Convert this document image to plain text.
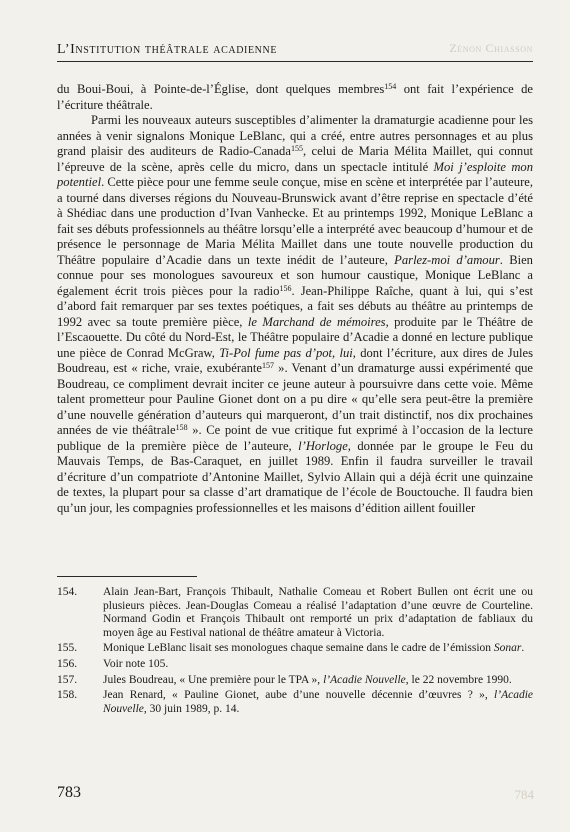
L’Institution théâtrale acadienne	Zénon Chiasson

du Boui-Boui, à Pointe-de-l’Église, dont quelques membres$^{154}$ ont fait l’expérience de l’écriture théâtrale.

Parmi les nouveaux auteurs susceptibles d’alimenter la dramaturgie acadienne pour les années à venir signalons Monique LeBlanc, qui a créé, entre autres personnages et au plus grand plaisir des auditeurs de Radio-Canada$^{155}$, celui de Maria Mélita Maillet, qui connut l’épreuve de la scène, après celle du micro, dans un spectacle intitulé Moi j’esploite mon potentiel. Cette pièce pour une femme seule conçue, mise en scène et interprétée par l’auteure, a tourné dans diverses régions du Nouveau-Brunswick avant d’être reprise en spectacle d’été à Shédiac dans une production d’Ivan Vanhecke. Et au printemps 1992, Monique LeBlanc a fait ses débuts professionnels au théâtre lorsqu’elle a interprété avec beaucoup d’humour et de présence le personnage de Maria Mélita Maillet dans une toute nouvelle production du Théâtre populaire d’Acadie dans un texte inédit de l’auteure, Parlez-moi d’amour. Bien connue pour ses monologues savoureux et son humour caustique, Monique LeBlanc a également écrit trois pièces pour la radio$^{156}$. Jean-Philippe Raîche, quant à lui, qui s’est d’abord fait remarquer par ses textes poétiques, a fait ses débuts au théâtre au printemps de 1992 avec sa toute première pièce, le Marchand de mémoires, produite par le Théâtre de l’Escaouette. Du côté du Nord-Est, le Théâtre populaire d’Acadie a donné en lecture publique une pièce de Conrad McGraw, Ti-Pol fume pas d’pot, lui, dont l’écriture, aux dires de Jules Boudreau, est « riche, vraie, exubérante$^{157}$ ». Venant d’un dramaturge aussi expérimenté que Boudreau, ce compliment devrait inciter ce jeune auteur à poursuivre dans cette voie. Même talent prometteur pour Pauline Gionet dont on a pu dire « qu’elle sera peut-être la première d’une nouvelle génération d’auteurs qui marqueront, d’un trait distinctif, nos dix prochaines années de vie théâtrale$^{158}$ ». Ce point de vue critique fut exprimé à l’occasion de la lecture publique de la première pièce de l’auteure, l’Horloge, donnée par le groupe le Feu du Mauvais Temps, de Bas-Caraquet, en juillet 1989. Enfin il faudra surveiller le travail d’écriture d’un compatriote d’Antonine Maillet, Sylvio Allain qui a déjà écrit une quinzaine de textes, la plupart pour sa classe d’art dramatique de l’école de Bouctouche. Il faudra bien qu’un jour, les compagnies professionnelles et les maisons d’édition aillent fouiller

154.	Alain Jean-Bart, François Thibault, Nathalie Comeau et Robert Bullen ont écrit une ou plusieurs pièces. Jean-Douglas Comeau a réalisé l’adaptation d’une œuvre de Courteline. Normand Godin et François Thibault ont remporté un prix d’adaptation de fabliaux du moyen âge au Festival national de théâtre amateur à Victoria.
155.	Monique LeBlanc lisait ses monologues chaque semaine dans le cadre de l’émission Sonar.
156.	Voir note 105.
157.	Jules Boudreau, « Une première pour le TPA », l’Acadie Nouvelle, le 22 novembre 1990.
158.	Jean Renard, « Pauline Gionet, aube d’une nouvelle décennie d’œuvres ? », l’Acadie Nouvelle, 30 juin 1989, p. 14.
783	784
